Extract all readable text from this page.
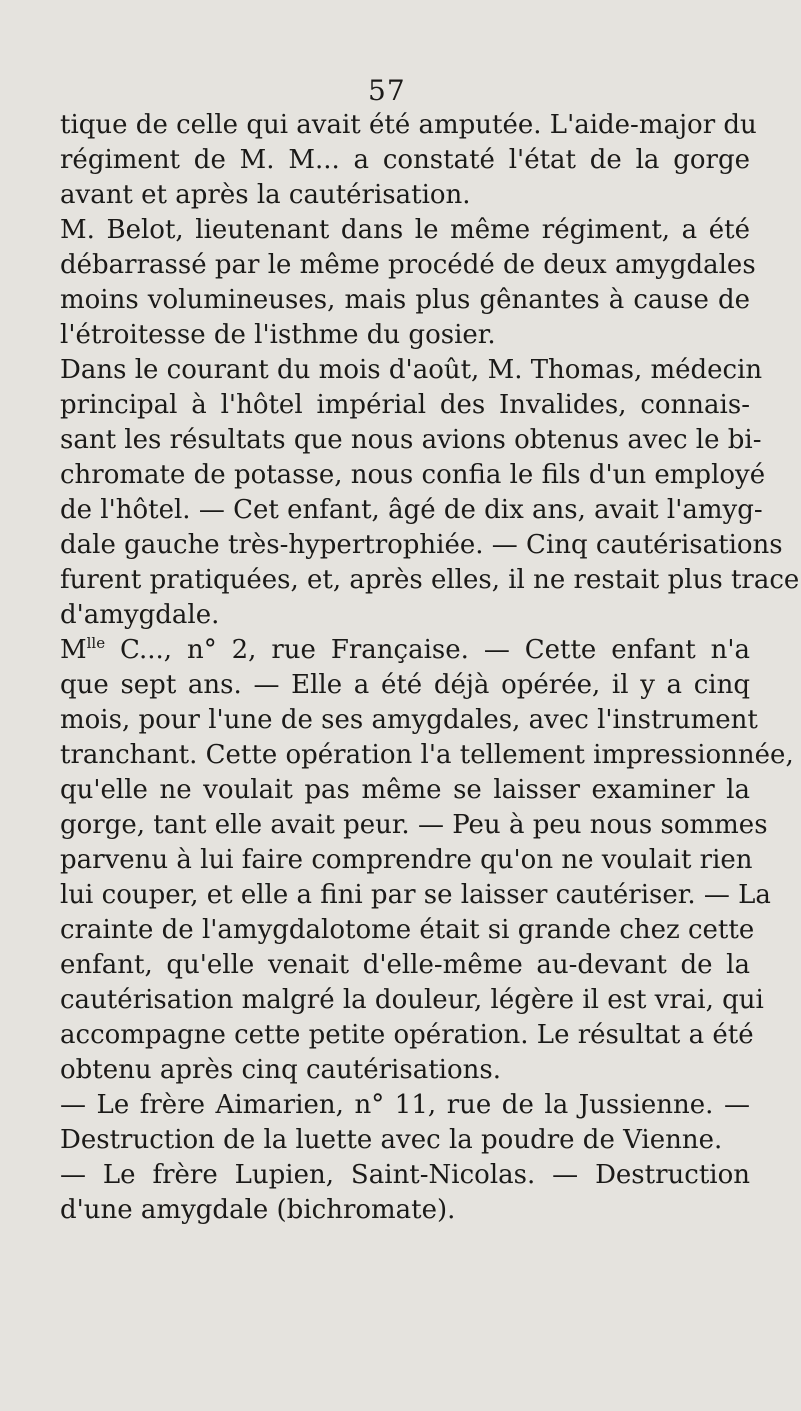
57
tique de celle qui avait été amputée. L'aide-major du
régiment de M. M... a constaté l'état de la gorge
avant et après la cautérisation.
M. Belot, lieutenant dans le même régiment, a été
débarrassé par le même procédé de deux amygdales
moins volumineuses, mais plus gênantes à cause de
l'étroitesse de l'isthme du gosier.
Dans le courant du mois d'août, M. Thomas, médecin
principal à l'hôtel impérial des Invalides, connais-
sant les résultats que nous avions obtenus avec le bi-
chromate de potasse, nous confia le fils d'un employé
de l'hôtel. — Cet enfant, âgé de dix ans, avait l'amyg-
dale gauche très-hypertrophiée. — Cinq cautérisations
furent pratiquées, et, après elles, il ne restait plus trace
d'amygdale.
$M^{lle}$ C..., n° 2, rue Française. — Cette enfant n'a
que sept ans. — Elle a été déjà opérée, il y a cinq
mois, pour l'une de ses amygdales, avec l'instrument
tranchant. Cette opération l'a tellement impressionnée,
qu'elle ne voulait pas même se laisser examiner la
gorge, tant elle avait peur. — Peu à peu nous sommes
parvenu à lui faire comprendre qu'on ne voulait rien
lui couper, et elle a fini par se laisser cautériser. — La
crainte de l'amygdalotome était si grande chez cette
enfant, qu'elle venait d'elle-même au-devant de la
cautérisation malgré la douleur, légère il est vrai, qui
accompagne cette petite opération. Le résultat a été
obtenu après cinq cautérisations.
— Le frère Aimarien, n° 11, rue de la Jussienne. —
Destruction de la luette avec la poudre de Vienne.
— Le frère Lupien, Saint-Nicolas. — Destruction
d'une amygdale (bichromate).
